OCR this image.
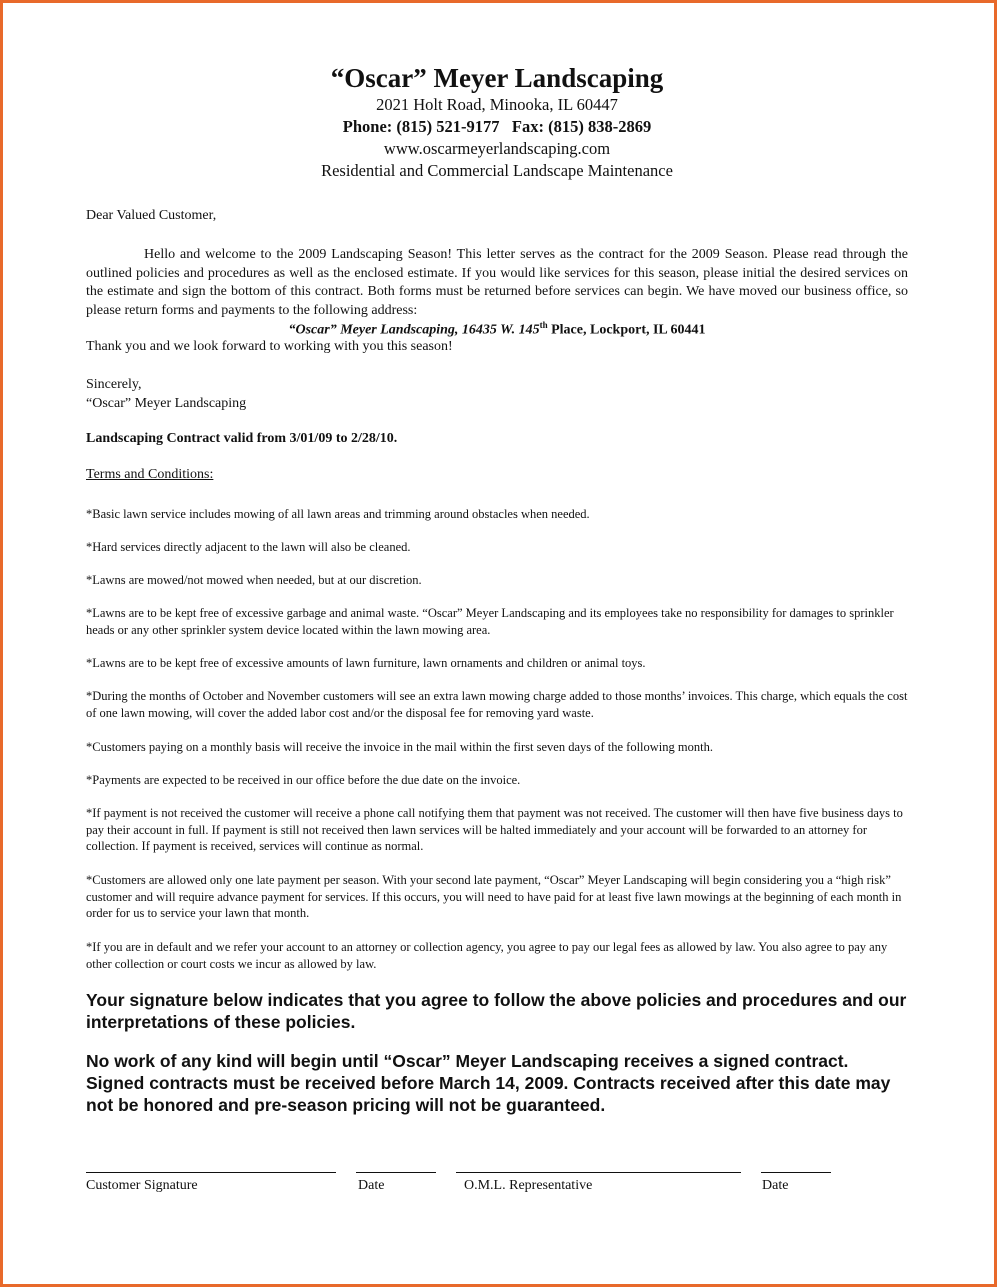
“Oscar” Meyer Landscaping

2021 Holt Road, Minooka, IL 60447

Phone: (815) 521-9177   Fax: (815) 838-2869

www.oscarmeyerlandscaping.com

Residential and Commercial Landscape Maintenance

Dear Valued Customer,

Hello and welcome to the 2009 Landscaping Season! This letter serves as the contract for the 2009 Season. Please read through the outlined policies and procedures as well as the enclosed estimate. If you would like services for this season, please initial the desired services on the estimate and sign the bottom of this contract. Both forms must be returned before services can begin. We have moved our business office, so please return forms and payments to the following address:

“Oscar” Meyer Landscaping, 16435 W. 145th Place, Lockport, IL 60441

Thank you and we look forward to working with you this season!

Sincerely,
“Oscar” Meyer Landscaping

Landscaping Contract valid from 3/01/09 to 2/28/10.

Terms and Conditions:

*Basic lawn service includes mowing of all lawn areas and trimming around obstacles when needed.

*Hard services directly adjacent to the lawn will also be cleaned.

*Lawns are mowed/not mowed when needed, but at our discretion.

*Lawns are to be kept free of excessive garbage and animal waste. “Oscar” Meyer Landscaping and its employees take no responsibility for damages to sprinkler heads or any other sprinkler system device located within the lawn mowing area.

*Lawns are to be kept free of excessive amounts of lawn furniture, lawn ornaments and children or animal toys.

*During the months of October and November customers will see an extra lawn mowing charge added to those months’ invoices. This charge, which equals the cost of one lawn mowing, will cover the added labor cost and/or the disposal fee for removing yard waste.

*Customers paying on a monthly basis will receive the invoice in the mail within the first seven days of the following month.

*Payments are expected to be received in our office before the due date on the invoice.

*If payment is not received the customer will receive a phone call notifying them that payment was not received. The customer will then have five business days to pay their account in full. If payment is still not received then lawn services will be halted immediately and your account will be forwarded to an attorney for collection. If payment is received, services will continue as normal.

*Customers are allowed only one late payment per season. With your second late payment, “Oscar” Meyer Landscaping will begin considering you a “high risk” customer and will require advance payment for services. If this occurs, you will need to have paid for at least five lawn mowings at the beginning of each month in order for us to service your lawn that month.

*If you are in default and we refer your account to an attorney or collection agency, you agree to pay our legal fees as allowed by law. You also agree to pay any other collection or court costs we incur as allowed by law.

Your signature below indicates that you agree to follow the above policies and procedures and our interpretations of these policies.

No work of any kind will begin until “Oscar” Meyer Landscaping receives a signed contract. Signed contracts must be received before March 14, 2009. Contracts received after this date may not be honored and pre-season pricing will not be guaranteed.

Customer Signature	Date	O.M.L. Representative	Date
